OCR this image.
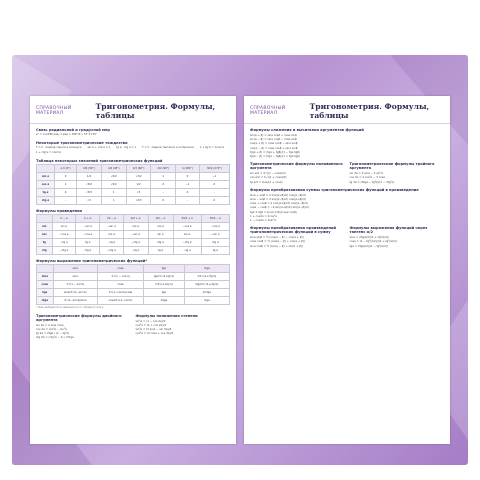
СПРАВОЧНЫЙ МАТЕРИАЛ
Тригонометрия. Формулы, таблицы
Связь радиальной и градусной мер
α° = π·α/180 рад; 1 рад = 180°/π ≈ 57°17′45″
Некоторые тригонометрические тождества
T = π · период синуса и косинуса sin²α + cos²α = 1 tg α · ctg α = 1 T = π · период тангенса и котангенса 1 + tg²α = 1/cos²α
1 + ctg²α = 1/sin²α
Таблица некоторых значений тригонометрических функций
	α 0 (0°)	π/6 (30°)	π/4 (45°)	π/3 (60°)	π/2 (90°)	π (180°)	3π/2 (270°)
sin α	0	1/2	√2/2	√3/2	1	0	−1
cos α	1	√3/2	√2/2	1/2	0	−1	0
tg α	0	√3/3	1	√3	–	0	–
ctg α	–	√3	1	√3/3	0	–	0
Формулы приведения
	π − α	π + α	2π − α	π/2 + α	π/2 − α	3π/2 + α	3π/2 − α
sin	sin α	−sin α	−sin α	cos α	cos α	−cos α	−cos α
cos	−cos α	−cos α	cos α	−sin α	sin α	sin α	−sin α
tg	−tg α	tg α	−tg α	−ctg α	ctg α	−ctg α	ctg α
ctg	−ctg α	ctg α	−ctg α	−tg α	tg α	−tg α	tg α
Формулы выражения тригонометрических функций*
	sinα	cosα	tgα	ctgα
sinα	sinα	±√(1 − cos²α)	tgα/±√(1+tg²α)	1/±√(1+ctg²α)
cosα	±√(1 − sin²α)	cosα	1/±√(1+tg²α)	ctgα/±√(1+ctg²α)
tgα	sinα/±√(1−sin²α)	±√(1−cos²α)/cosα	tgα	1/ctgα
ctgα	±√(1−sin²α)/sinα	cosα/±√(1−cos²α)	1/tgα	ctgα
* Знак выбирается в зависимости от четверти угла α
Тригонометрические формулы двойного аргумента
sin 2α = 2 sinα cosα
cos 2α = cos²α − sin²α
tg 2α = 2tgα / (1 − tg²α)
ctg 2α = (ctg²α − 1) / 2ctgα
Формулы понижения степени
sin²α = (1 − cos 2α)/2
cos²α = (1 + cos 2α)/2
sin³α = (3 sinα − sin 3α)/4
cos³α = (3 cosα + cos 3α)/4
СПРАВОЧНЫЙ МАТЕРИАЛ
Тригонометрия. Формулы, таблицы
Формулы сложения и вычитания аргументов функций
sin(α + β) = sinα cosβ + cosα sinβ
sin(α − β) = sinα cosβ − cosα sinβ
cos(α + β) = cosα cosβ − sinα sinβ
cos(α − β) = cosα cosβ + sinα sinβ
tg(α + β) = (tgα + tgβ)/(1 − tgα tgβ)
tg(α − β) = (tgα − tgβ)/(1 + tgα tgβ)
Тригонометрические формулы половинного аргумента
sin α/2 = ±√((1 − cosα)/2)
cos α/2 = ±√((1 + cosα)/2)
tg α/2 = sinα/(1 + cosα)
Тригонометрические формулы тройного аргумента
sin 3α = 3 sinα − 4 sin³α
cos 3α = 4 cos³α − 3 cosα
tg 3α = (3tgα − tg³α)/(1 − 3tg²α)
Формулы преобразования суммы тригонометрических функций в произведение
sinα + sinβ = 2 sin((α+β)/2) cos((α−β)/2)
sinα − sinβ = 2 sin((α−β)/2) cos((α+β)/2)
cosα + cosβ = 2 cos((α+β)/2) cos((α−β)/2)
cosα − cosβ = −2 sin((α+β)/2) sin((α−β)/2)
tgα ± tgβ = sin(α ± β)/(cosα cosβ)
1 + cos2α = 2cos²α
1 − cos2α = 2sin²α
Формулы преобразования произведений тригонометрических функций в сумму
sinα sinβ = ½ (cos(α − β) − cos(α + β))
cosα cosβ = ½ (cos(α − β) + cos(α + β))
sinα cosβ = ½ (sin(α − β) + sin(α + β))
Формулы выражения функций через тангенс α/2
sinα = 2tg(α/2)/(1 + tg²(α/2))
cosα = (1 − tg²(α/2))/(1 + tg²(α/2))
tgα = 2tg(α/2)/(1 − tg²(α/2))
